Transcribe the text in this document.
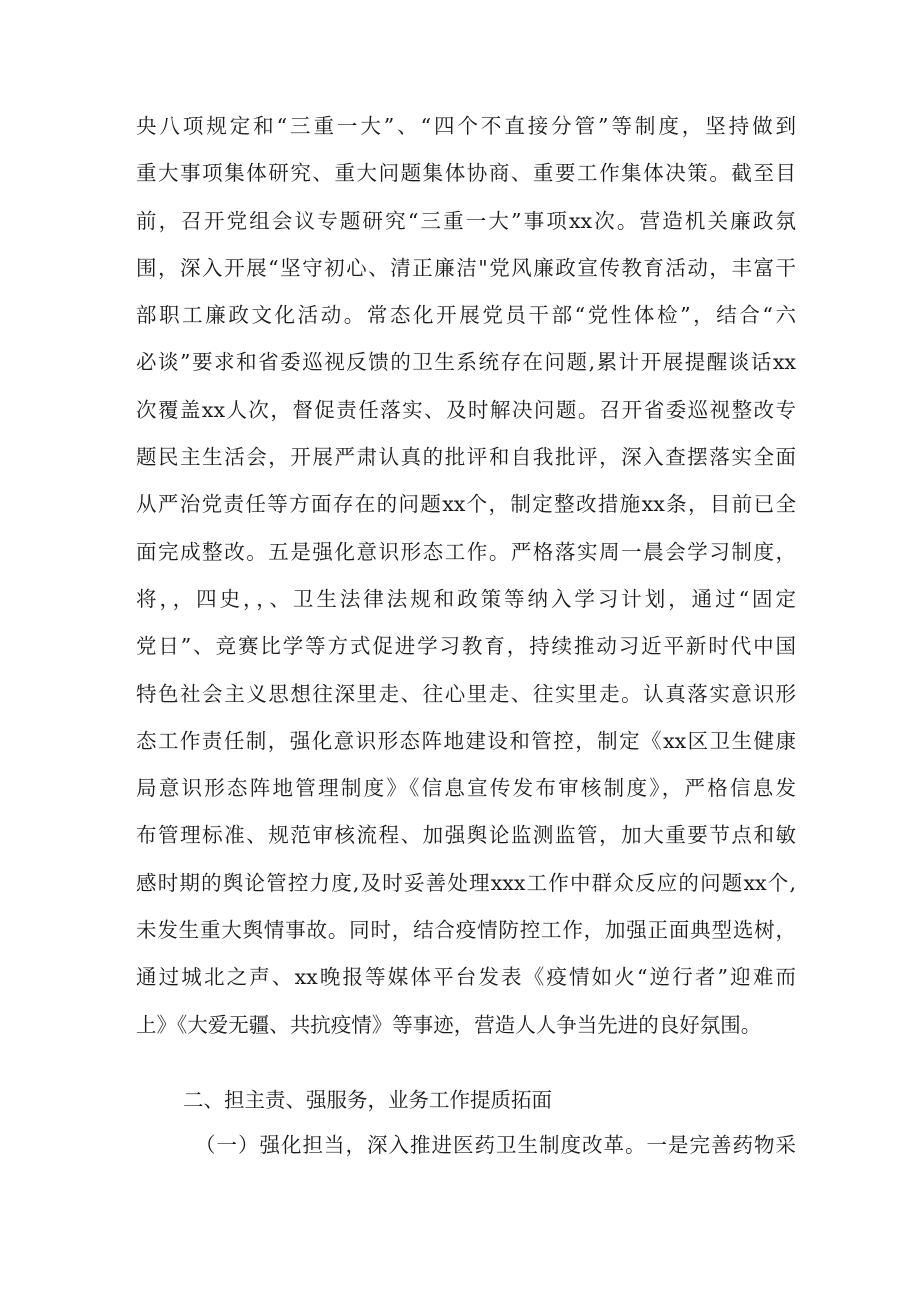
央八项规定和“三重一大”、“四个不直接分管”等制度，坚持做到
重大事项集体研究、重大问题集体协商、重要工作集体决策。截至目
前，召开党组会议专题研究“三重一大”事项xx次。营造机关廉政氛
围，深入开展“坚守初心、清正廉洁"党风廉政宣传教育活动，丰富干
部职工廉政文化活动。常态化开展党员干部“党性体检”，结合“六
必谈”要求和省委巡视反馈的卫生系统存在问题,累计开展提醒谈话xx
次覆盖xx人次，督促责任落实、及时解决问题。召开省委巡视整改专
题民主生活会，开展严肃认真的批评和自我批评，深入查摆落实全面
从严治党责任等方面存在的问题xx个，制定整改措施xx条，目前已全
面完成整改。五是强化意识形态工作。严格落实周一晨会学习制度，
将，，四史，，、卫生法律法规和政策等纳入学习计划，通过“固定
党日”、竞赛比学等方式促进学习教育，持续推动习近平新时代中国
特色社会主义思想往深里走、往心里走、往实里走。认真落实意识形
态工作责任制，强化意识形态阵地建设和管控，制定《xx区卫生健康
局意识形态阵地管理制度》《信息宣传发布审核制度》，严格信息发
布管理标准、规范审核流程、加强舆论监测监管，加大重要节点和敏
感时期的舆论管控力度,及时妥善处理xxx工作中群众反应的问题xx个,
未发生重大舆情事故。同时，结合疫情防控工作，加强正面典型选树，
通过城北之声、xx晚报等媒体平台发表《疫情如火“逆行者”迎难而
上》《大爱无疆、共抗疫情》等事迹，营造人人争当先进的良好氛围。
二、担主责、强服务，业务工作提质拓面
（一）强化担当，深入推进医药卫生制度改革。一是完善药物采
